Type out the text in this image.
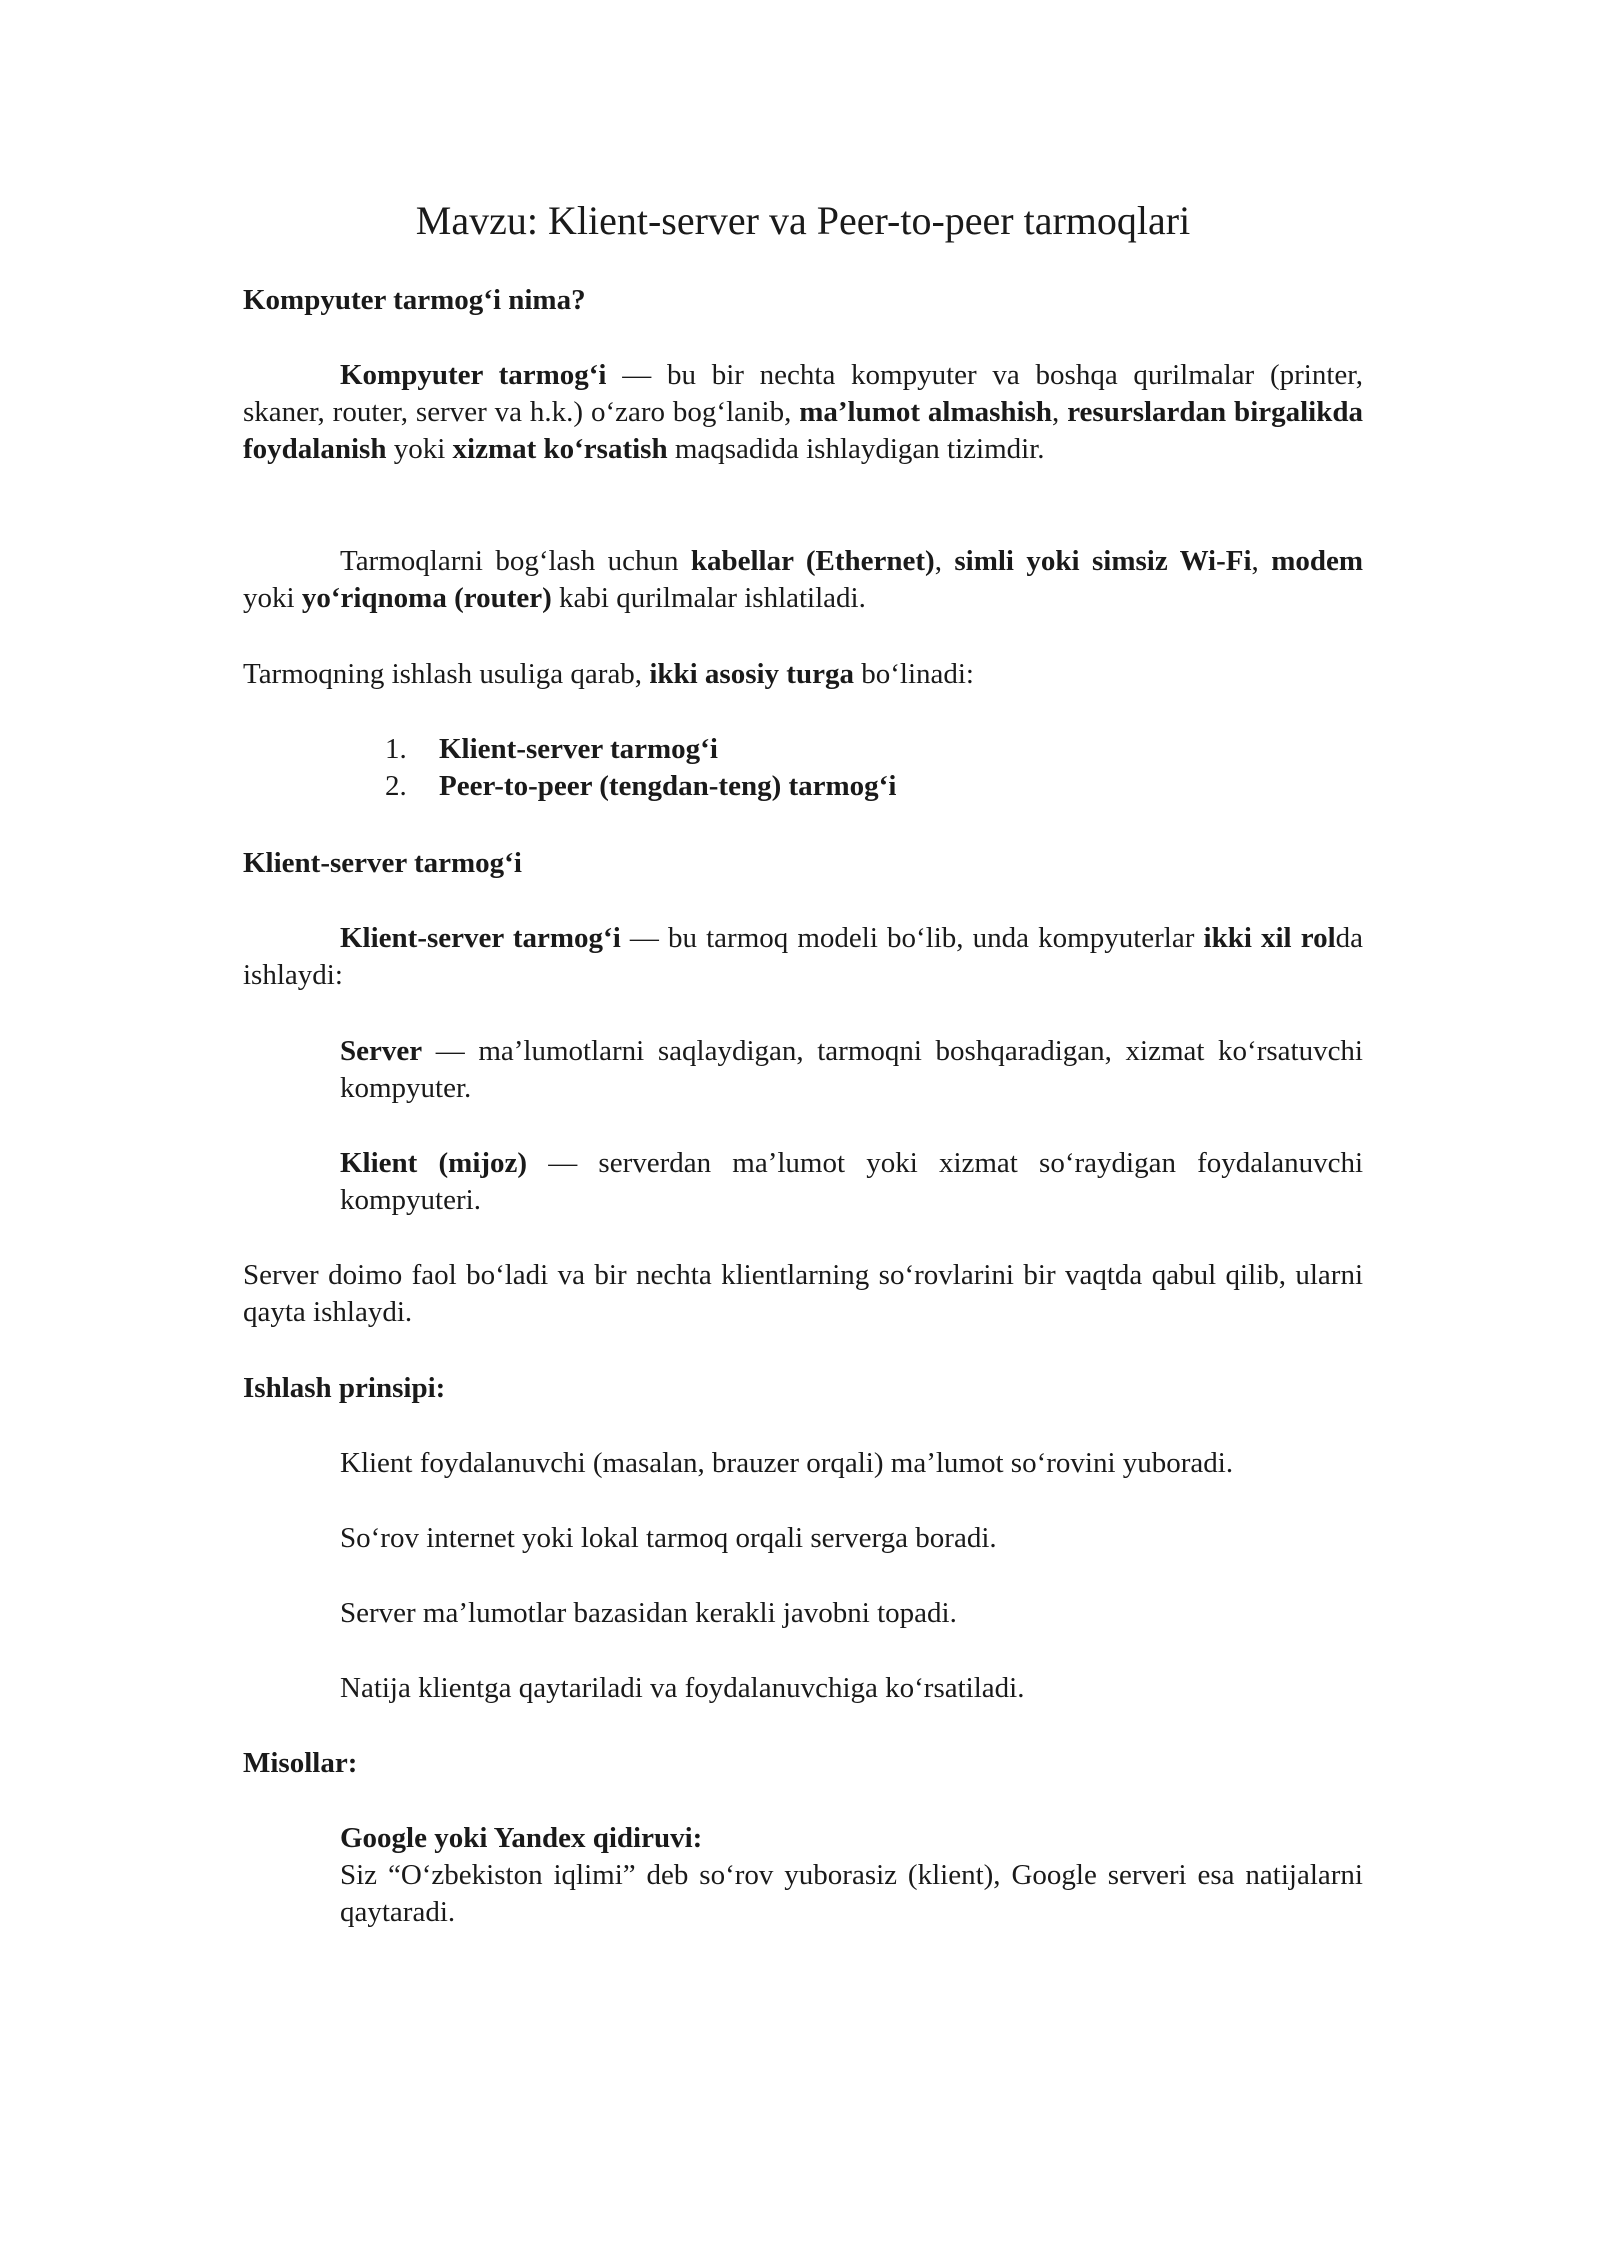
Mavzu: Klient-server va Peer-to-peer tarmoqlari

Kompyuter tarmog‘i nima?

Kompyuter tarmog‘i — bu bir nechta kompyuter va boshqa qurilmalar (printer, skaner, router, server va h.k.) o‘zaro bog‘lanib, ma’lumot almashish, resurslardan birgalikda foydalanish yoki xizmat ko‘rsatish maqsadida ishlaydigan tizimdir.

Tarmoqlarni bog‘lash uchun kabellar (Ethernet), simli yoki simsiz Wi-Fi, modem yoki yo‘riqnoma (router) kabi qurilmalar ishlatiladi.

Tarmoqning ishlash usuliga qarab, ikki asosiy turga bo‘linadi:

1. Klient-server tarmog‘i
2. Peer-to-peer (tengdan-teng) tarmog‘i

Klient-server tarmog‘i

Klient-server tarmog‘i — bu tarmoq modeli bo‘lib, unda kompyuterlar ikki xil rolda ishlaydi:

Server — ma’lumotlarni saqlaydigan, tarmoqni boshqaradigan, xizmat ko‘rsatuvchi kompyuter.

Klient (mijoz) — serverdan ma’lumot yoki xizmat so‘raydigan foydalanuvchi kompyuteri.

Server doimo faol bo‘ladi va bir nechta klientlarning so‘rovlarini bir vaqtda qabul qilib, ularni qayta ishlaydi.

Ishlash prinsipi:

Klient foydalanuvchi (masalan, brauzer orqali) ma’lumot so‘rovini yuboradi.

So‘rov internet yoki lokal tarmoq orqali serverga boradi.

Server ma’lumotlar bazasidan kerakli javobni topadi.

Natija klientga qaytariladi va foydalanuvchiga ko‘rsatiladi.

Misollar:

Google yoki Yandex qidiruvi:
Siz “O‘zbekiston iqlimi” deb so‘rov yuborasiz (klient), Google serveri esa natijalarni qaytaradi.
